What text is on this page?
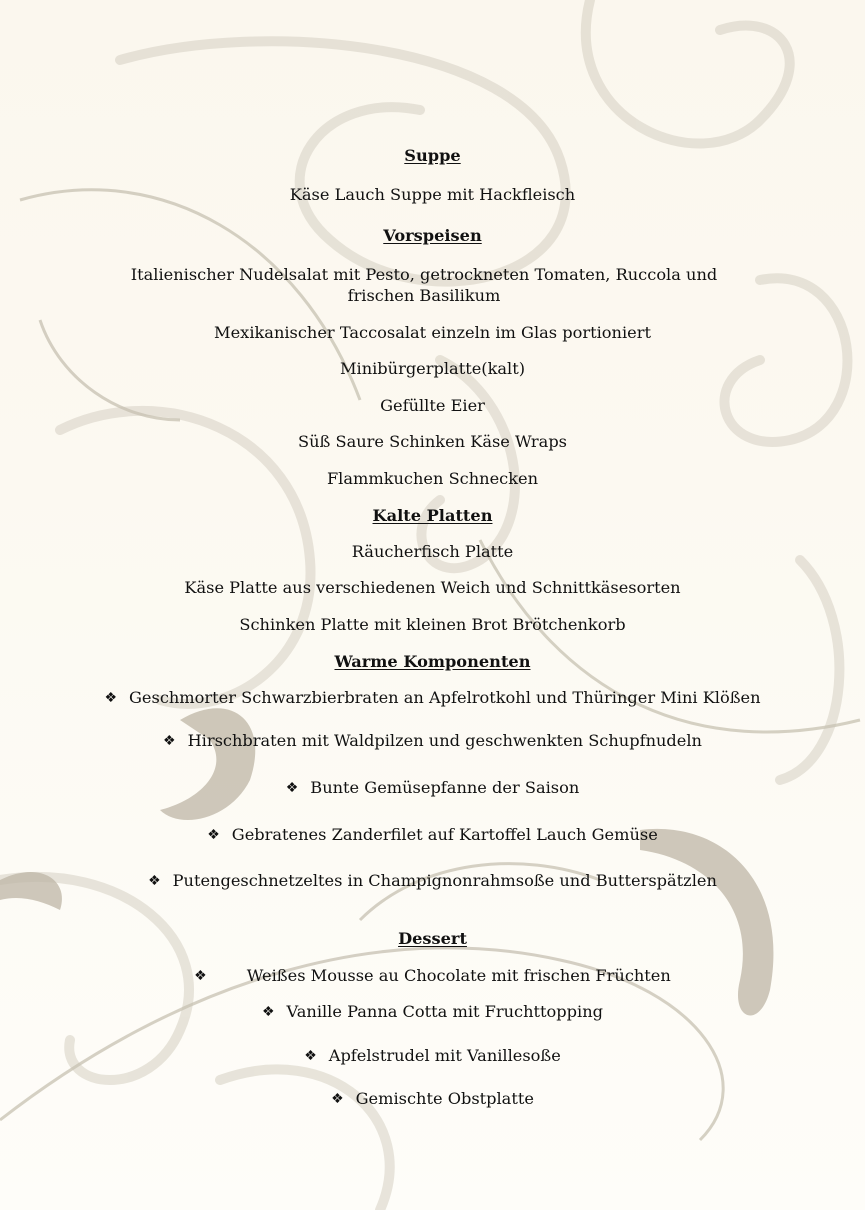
Suppe
Käse Lauch Suppe mit Hackfleisch
Vorspeisen
Italienischer Nudelsalat mit Pesto, getrockneten Tomaten, Ruccola und frischen Basilikum
Mexikanischer Taccosalat einzeln im Glas portioniert
Minibürgerplatte(kalt)
Gefüllte Eier
Süß Saure Schinken Käse Wraps
Flammkuchen Schnecken
Kalte Platten
Räucherfisch Platte
Käse Platte aus verschiedenen Weich und Schnittkäsesorten
Schinken Platte mit kleinen Brot Brötchenkorb
Warme Komponenten
❖ Geschmorter Schwarzbierbraten an Apfelrotkohl und Thüringer Mini Klößen
❖ Hirschbraten mit Waldpilzen und geschwenkten Schupfnudeln
❖ Bunte Gemüsepfanne der Saison
❖ Gebratenes Zanderfilet auf Kartoffel Lauch Gemüse
❖ Putengeschnetzeltes in Champignonrahmsoße und Butterspätzlen
Dessert
❖ Weißes Mousse au Chocolate mit frischen Früchten
❖ Vanille Panna Cotta mit Fruchttopping
❖ Apfelstrudel mit Vanillesoße
❖ Gemischte Obstplatte
